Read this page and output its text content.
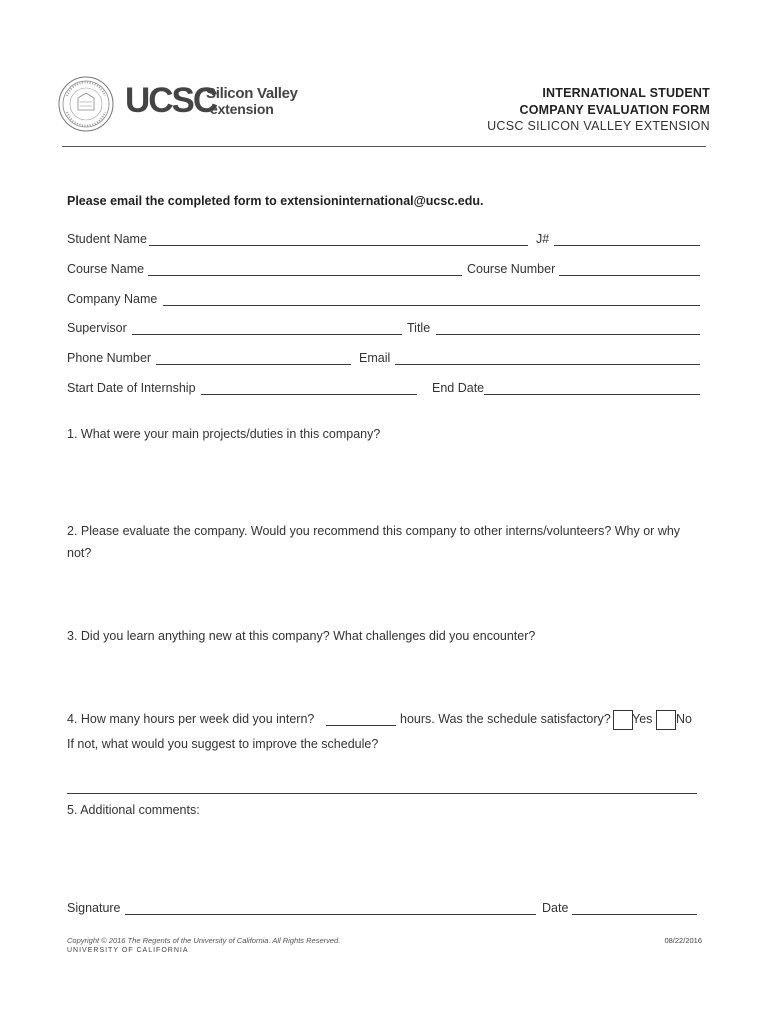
UCSC
Silicon Valley
extension
INTERNATIONAL STUDENT
COMPANY EVALUATION FORM
UCSC SILICON VALLEY EXTENSION
Please email the completed form to extensioninternational@ucsc.edu.
Student Name	J#
Course Name	Course Number
Company Name
Supervisor	Title
Phone Number	Email
Start Date of Internship	End Date
1. What were your main projects/duties in this company?
2. Please evaluate the company. Would you recommend this company to other interns/volunteers? Why or why
not?
3. Did you learn anything new at this company? What challenges did you encounter?
4. How many hours per week did you intern?	hours. Was the schedule satisfactory? Yes No
If not, what would you suggest to improve the schedule?
5. Additional comments:
Signature	Date
Copyright © 2016 The Regents of the University of California. All Rights Reserved.
UNIVERSITY OF CALIFORNIA
08/22/2016
